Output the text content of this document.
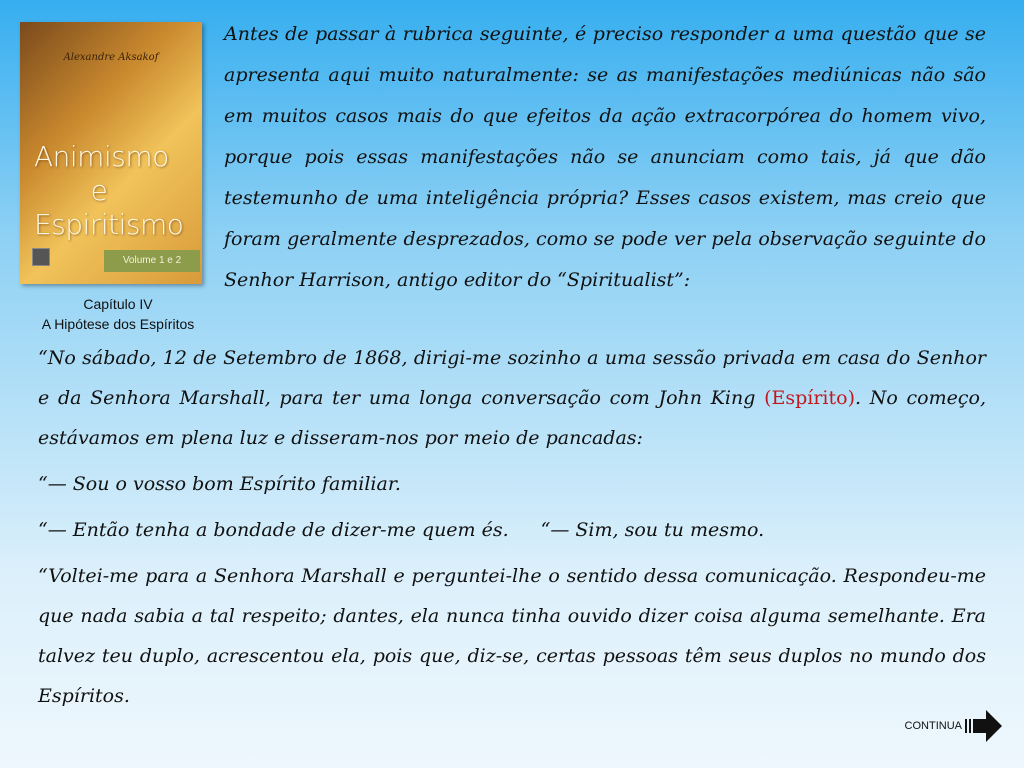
Alexandre Aksakof
Animismo
e
Espiritismo
Volume 1 e 2
Capítulo IV
A Hipótese dos Espíritos

Antes de passar à rubrica seguinte, é preciso responder a uma questão que se apresenta aqui muito naturalmente: se as manifestações mediúnicas não são em muitos casos mais do que efeitos da ação extracorpórea do homem vivo, porque pois essas manifestações não se anunciam como tais, já que dão testemunho de uma inteligência própria? Esses casos existem, mas creio que foram geralmente desprezados, como se pode ver pela observação seguinte do Senhor Harrison, antigo editor do “Spiritualist”:

“No sábado, 12 de Setembro de 1868, dirigi-me sozinho a uma sessão privada em casa do Senhor e da Senhora Marshall, para ter uma longa conversação com John King (Espírito). No começo, estávamos em plena luz e disseram-nos por meio de pancadas:

“— Sou o vosso bom Espírito familiar.

“— Então tenha a bondade de dizer-me quem és. “— Sim, sou tu mesmo.

“Voltei-me para a Senhora Marshall e perguntei-lhe o sentido dessa comunicação. Respondeu-me que nada sabia a tal respeito; dantes, ela nunca tinha ouvido dizer coisa alguma semelhante. Era talvez teu duplo, acrescentou ela, pois que, diz-se, certas pessoas têm seus duplos no mundo dos Espíritos.

CONTINUA
